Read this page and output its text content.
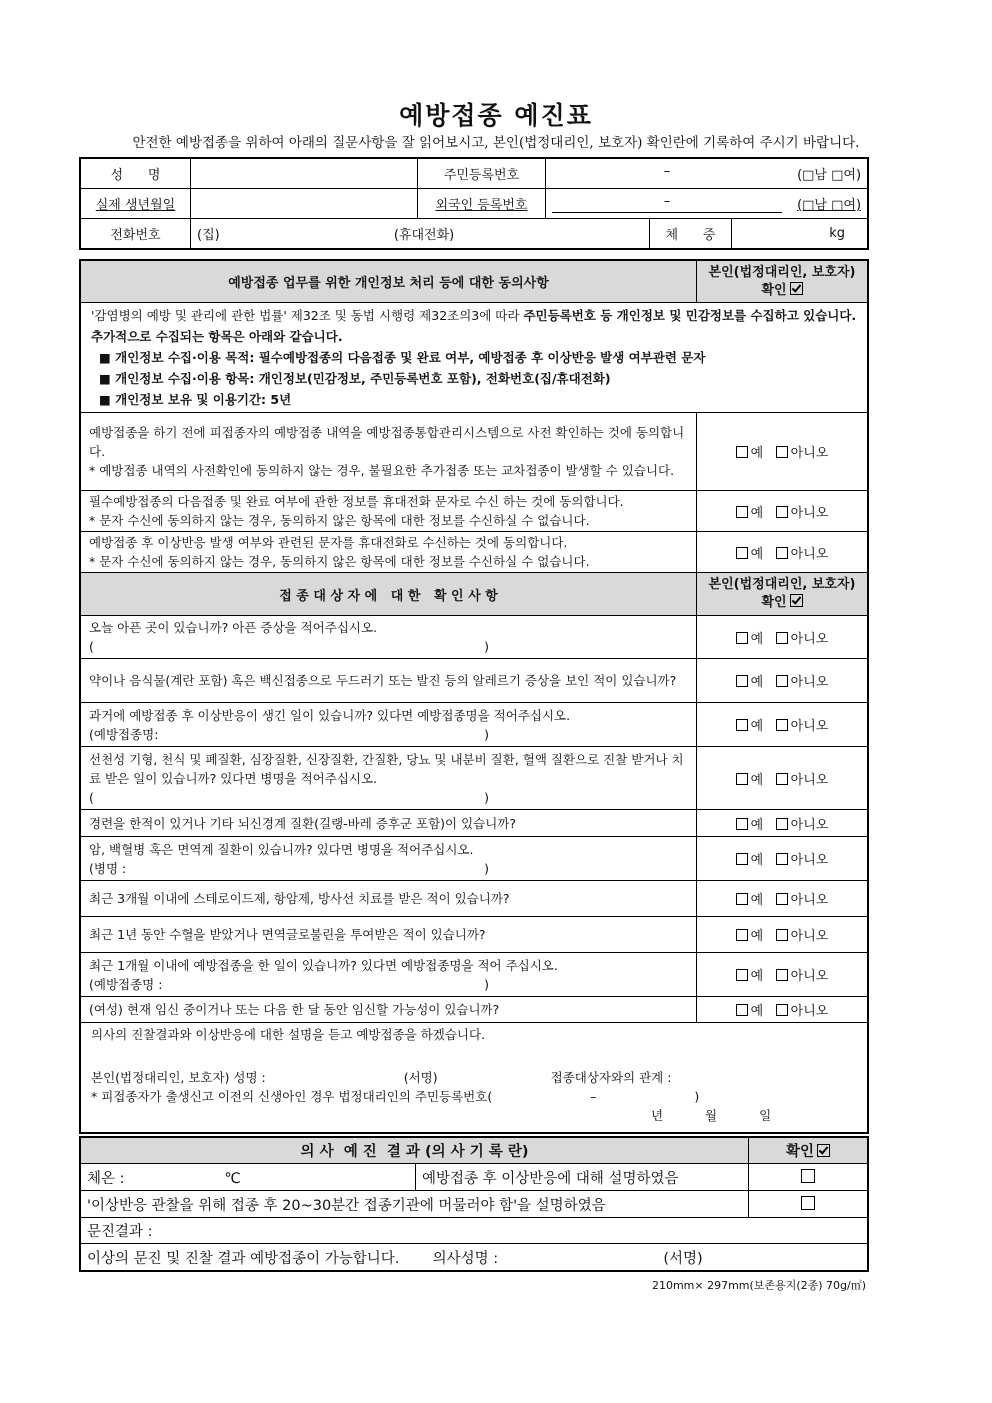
예방접종 예진표
안전한 예방접종을 위하여 아래의 질문사항을 잘 읽어보시고, 본인(법정대리인, 보호자) 확인란에 기록하여 주시기 바랍니다.
성      명		주민등록번호	– (□남 □여)		

실제 생년월일		외국인 등록번호	– (□남 □여)		

전화번호	(집) (휴대전화)			체      중	kg
예방접종 업무를 위한 개인정보 처리 등에 대한 동의사항	본인(법정대리인, 보호자) 확인

'감염병의 예방 및 관리에 관한 법률' 제32조 및 동법 시행령 제32조의3에 따라 주민등록번호 등 개인정보 및 민감정보를 수집하고 있습니다. 추가적으로 수집되는 항목은 아래와 같습니다.
■ 개인정보 수집·이용 목적: 필수예방접종의 다음접종 및 완료 여부, 예방접종 후 이상반응 발생 여부관련 문자
■ 개인정보 수집·이용 항목: 개인정보(민감정보, 주민등록번호 포함), 전화번호(집/휴대전화)
■ 개인정보 보유 및 이용기간: 5년	

예방접종을 하기 전에 피접종자의 예방접종 내역을 예방접종통합관리시스템으로 사전 확인하는 것에 동의합니다.
* 예방접종 내역의 사전확인에 동의하지 않는 경우, 불필요한 추가접종 또는 교차접종이 발생할 수 있습니다.	예 아니오

필수예방접종의 다음접종 및 완료 여부에 관한 정보를 휴대전화 문자로 수신 하는 것에 동의합니다.
* 문자 수신에 동의하지 않는 경우, 동의하지 않은 항목에 대한 정보를 수신하실 수 없습니다.	예 아니오

예방접종 후 이상반응 발생 여부와 관련된 문자를 휴대전화로 수신하는 것에 동의합니다.
* 문자 수신에 동의하지 않는 경우, 동의하지 않은 항목에 대한 정보를 수신하실 수 없습니다.	예 아니오
접 종 대 상 자 에   대 한   확 인 사 항	본인(법정대리인, 보호자) 확인

오늘 아픈 곳이 있습니까? 아픈 증상을 적어주십시오.
( )	예 아니오

약이나 음식물(계란 포함) 혹은 백신접종으로 두드러기 또는 발진 등의 알레르기 증상을 보인 적이 있습니까?	예 아니오

과거에 예방접종 후 이상반응이 생긴 일이 있습니까? 있다면 예방접종명을 적어주십시오.
(예방접종명: )	예 아니오

선천성 기형, 천식 및 폐질환, 심장질환, 신장질환, 간질환, 당뇨 및 내분비 질환, 혈액 질환으로 진찰 받거나 치료 받은 일이 있습니까? 있다면 병명을 적어주십시오.
( )	예 아니오

경련을 한적이 있거나 기타 뇌신경계 질환(길랭-바레 증후군 포함)이 있습니까?	예 아니오

암, 백혈병 혹은 면역계 질환이 있습니까? 있다면 병명을 적어주십시오.
(병명 : )	예 아니오

최근 3개월 이내에 스테로이드제, 항암제, 방사선 치료를 받은 적이 있습니까?	예 아니오

최근 1년 동안 수혈을 받았거나 면역글로불린을 투여받은 적이 있습니까?	예 아니오

최근 1개월 이내에 예방접종을 한 일이 있습니까? 있다면 예방접종명을 적어 주십시오.
(예방접종명 : )	예 아니오

(여성) 현재 임신 중이거나 또는 다음 한 달 동안 임신할 가능성이 있습니까?	예 아니오

의사의 진찰결과와 이상반응에 대한 설명을 듣고 예방접종을 하겠습니다.
본인(법정대리인, 보호자) 성명 : (서명) 접종대상자와의 관계 :
* 피접종자가 출생신고 이전의 신생아인 경우 법정대리인의 주민등록번호( – )
년 월 일	
의 사  예 진  결 과 (의 사 기 록 란)		확인
체온 : ℃	예방접종 후 이상반응에 대해 설명하였음	
'이상반응 관찰을 위해 접종 후 20~30분간 접종기관에 머물러야 함'을 설명하였음		
문진결과 :		
이상의 문진 및 진찰 결과 예방접종이 가능합니다. 의사성명 : (서명)		
210mm× 297mm(보존용지(2종) 70g/㎡)
